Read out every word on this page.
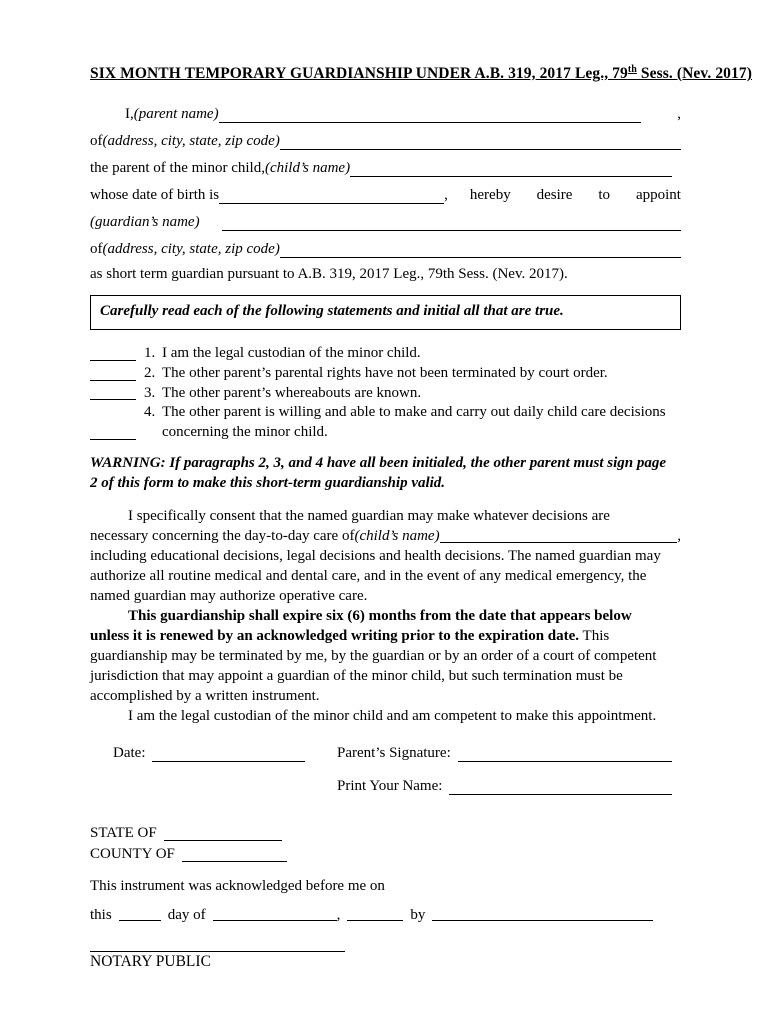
SIX MONTH TEMPORARY GUARDIANSHIP UNDER A.B. 319, 2017 Leg., 79th Sess. (Nev. 2017)
I, (parent name)	,
of (address, city, state, zip code)
the parent of the minor child, (child’s name)
whose date of birth is	, hereby desire to appoint
(guardian’s name)
of (address, city, state, zip code)
as short term guardian pursuant to A.B. 319, 2017 Leg., 79th Sess. (Nev. 2017).
Carefully read each of the following statements and initial all that are true.
1. I am the legal custodian of the minor child.
2. The other parent’s parental rights have not been terminated by court order.
3. The other parent’s whereabouts are known.
4. The other parent is willing and able to make and carry out daily child care decisions
concerning the minor child.
WARNING: If paragraphs 2, 3, and 4 have all been initialed, the other parent must sign page
2 of this form to make this short-term guardianship valid.
I specifically consent that the named guardian may make whatever decisions are
necessary concerning the day-to-day care of (child’s name)	,
including educational decisions, legal decisions and health decisions. The named guardian may
authorize all routine medical and dental care, and in the event of any medical emergency, the
named guardian may authorize operative care.
This guardianship shall expire six (6) months from the date that appears below
unless it is renewed by an acknowledged writing prior to the expiration date. This
guardianship may be terminated by me, by the guardian or by an order of a court of competent
jurisdiction that may appoint a guardian of the minor child, but such termination must be
accomplished by a written instrument.
I am the legal custodian of the minor child and am competent to make this appointment.
Date:	Parent’s Signature:
Print Your Name:
STATE OF
COUNTY OF
This instrument was acknowledged before me on
this	day of	,	by
NOTARY PUBLIC
